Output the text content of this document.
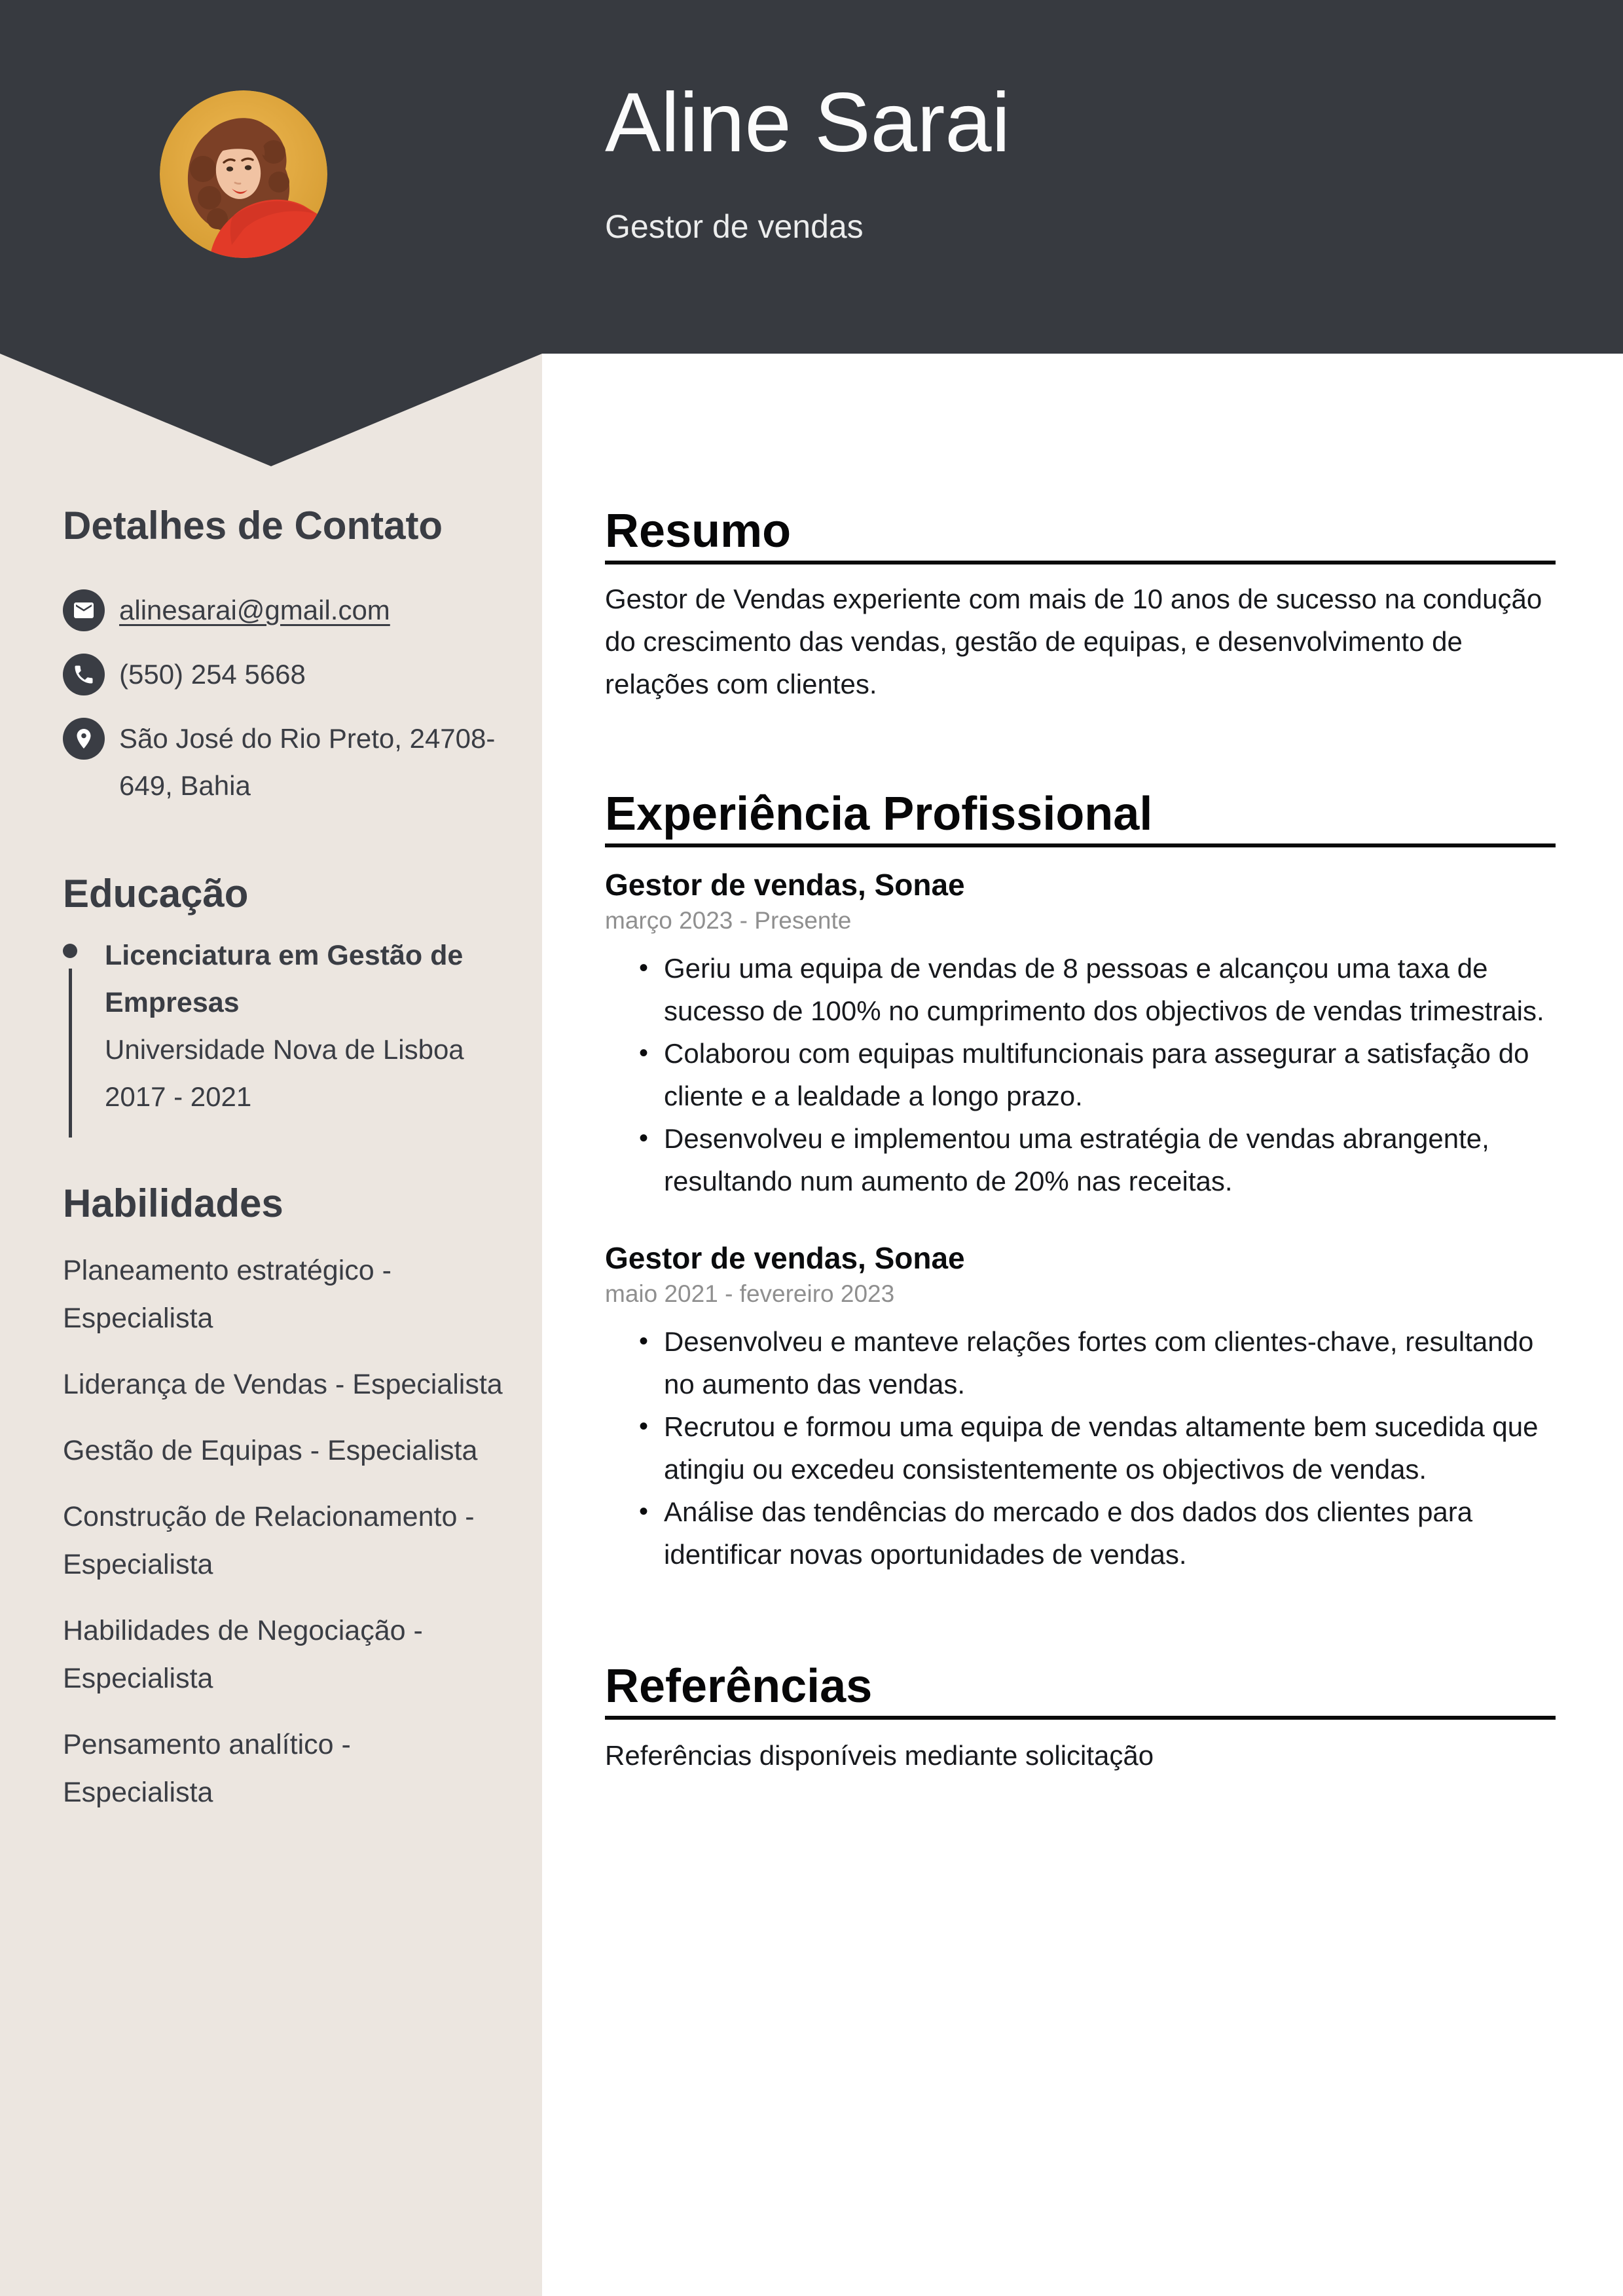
Detalhes de Contato
alinesarai@gmail.com
(550) 254 5668
São José do Rio Preto, 24708-649, Bahia
Educação
Licenciatura em Gestão de Empresas
Universidade Nova de Lisboa
2017 - 2021
Habilidades
Planeamento estratégico - Especialista
Liderança de Vendas - Especialista
Gestão de Equipas - Especialista
Construção de Relacionamento - Especialista
Habilidades de Negociação - Especialista
Pensamento analítico - Especialista
Aline Sarai

Gestor de vendas

Resumo

Gestor de Vendas experiente com mais de 10 anos de sucesso na condução do crescimento das vendas, gestão de equipas, e desenvolvimento de relações com clientes.

Experiência Profissional
Gestor de vendas, Sonae

março 2023 - Presente

• Geriu uma equipa de vendas de 8 pessoas e alcançou uma taxa de sucesso de 100% no cumprimento dos objectivos de vendas trimestrais.
• Colaborou com equipas multifuncionais para assegurar a satisfação do cliente e a lealdade a longo prazo.
• Desenvolveu e implementou uma estratégia de vendas abrangente, resultando num aumento de 20% nas receitas.
Gestor de vendas, Sonae

maio 2021 - fevereiro 2023

• Desenvolveu e manteve relações fortes com clientes-chave, resultando no aumento das vendas.
• Recrutou e formou uma equipa de vendas altamente bem sucedida que atingiu ou excedeu consistentemente os objectivos de vendas.
• Análise das tendências do mercado e dos dados dos clientes para identificar novas oportunidades de vendas.
Referências

Referências disponíveis mediante solicitação
